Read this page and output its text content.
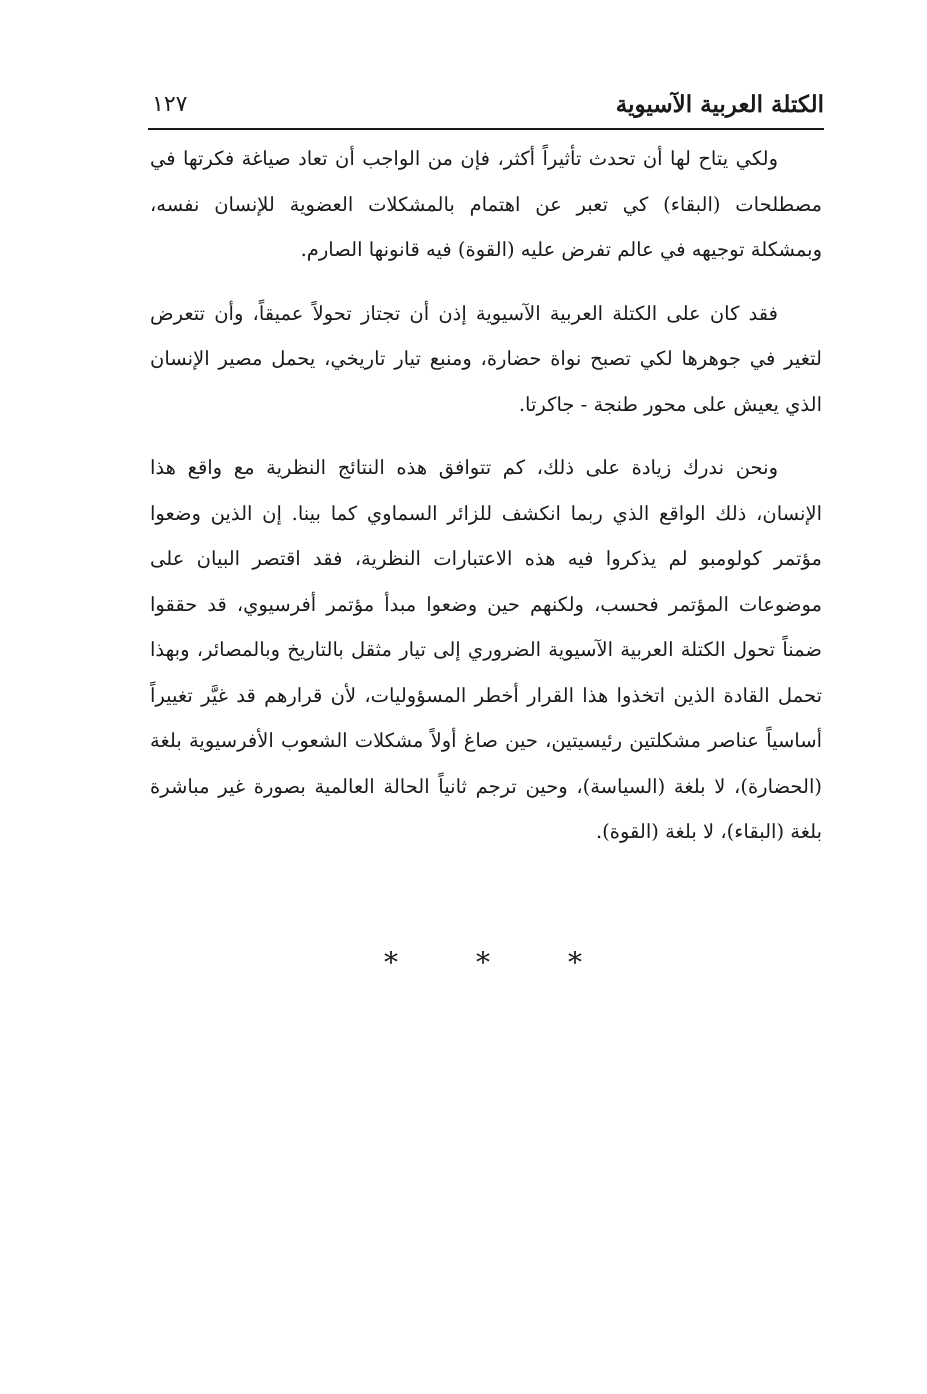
الكتلة العربية الآسيوية
١٢٧

ولكي يتاح لها أن تحدث تأثيراً أكثر، فإن من الواجب أن تعاد صياغة فكرتها في مصطلحات (البقاء) كي تعبر عن اهتمام بالمشكلات العضوية للإنسان نفسه، وبمشكلة توجيهه في عالم تفرض عليه (القوة) فيه قانونها الصارم.

فقد كان على الكتلة العربية الآسيوية إذن أن تجتاز تحولاً عميقاً، وأن تتعرض لتغير في جوهرها لكي تصبح نواة حضارة، ومنبع تيار تاريخي، يحمل مصير الإنسان الذي يعيش على محور طنجة - جاكرتا.

ونحن ندرك زيادة على ذلك، كم تتوافق هذه النتائج النظرية مع واقع هذا الإنسان، ذلك الواقع الذي ربما انكشف للزائر السماوي كما بينا. إن الذين وضعوا مؤتمر كولومبو لم يذكروا فيه هذه الاعتبارات النظرية، فقد اقتصر البيان على موضوعات المؤتمر فحسب، ولكنهم حين وضعوا مبدأ مؤتمر أفرسيوي، قد حققوا ضمناً تحول الكتلة العربية الآسيوية الضروري إلى تيار مثقل بالتاريخ وبالمصائر، وبهذا تحمل القادة الذين اتخذوا هذا القرار أخطر المسؤوليات، لأن قرارهم قد غيَّر تغييراً أساسياً عناصر مشكلتين رئيسيتين، حين صاغ أولاً مشكلات الشعوب الأفرسيوية بلغة (الحضارة)، لا بلغة (السياسة)، وحين ترجم ثانياً الحالة العالمية بصورة غير مباشرة بلغة (البقاء)، لا بلغة (القوة).

*	*	*
